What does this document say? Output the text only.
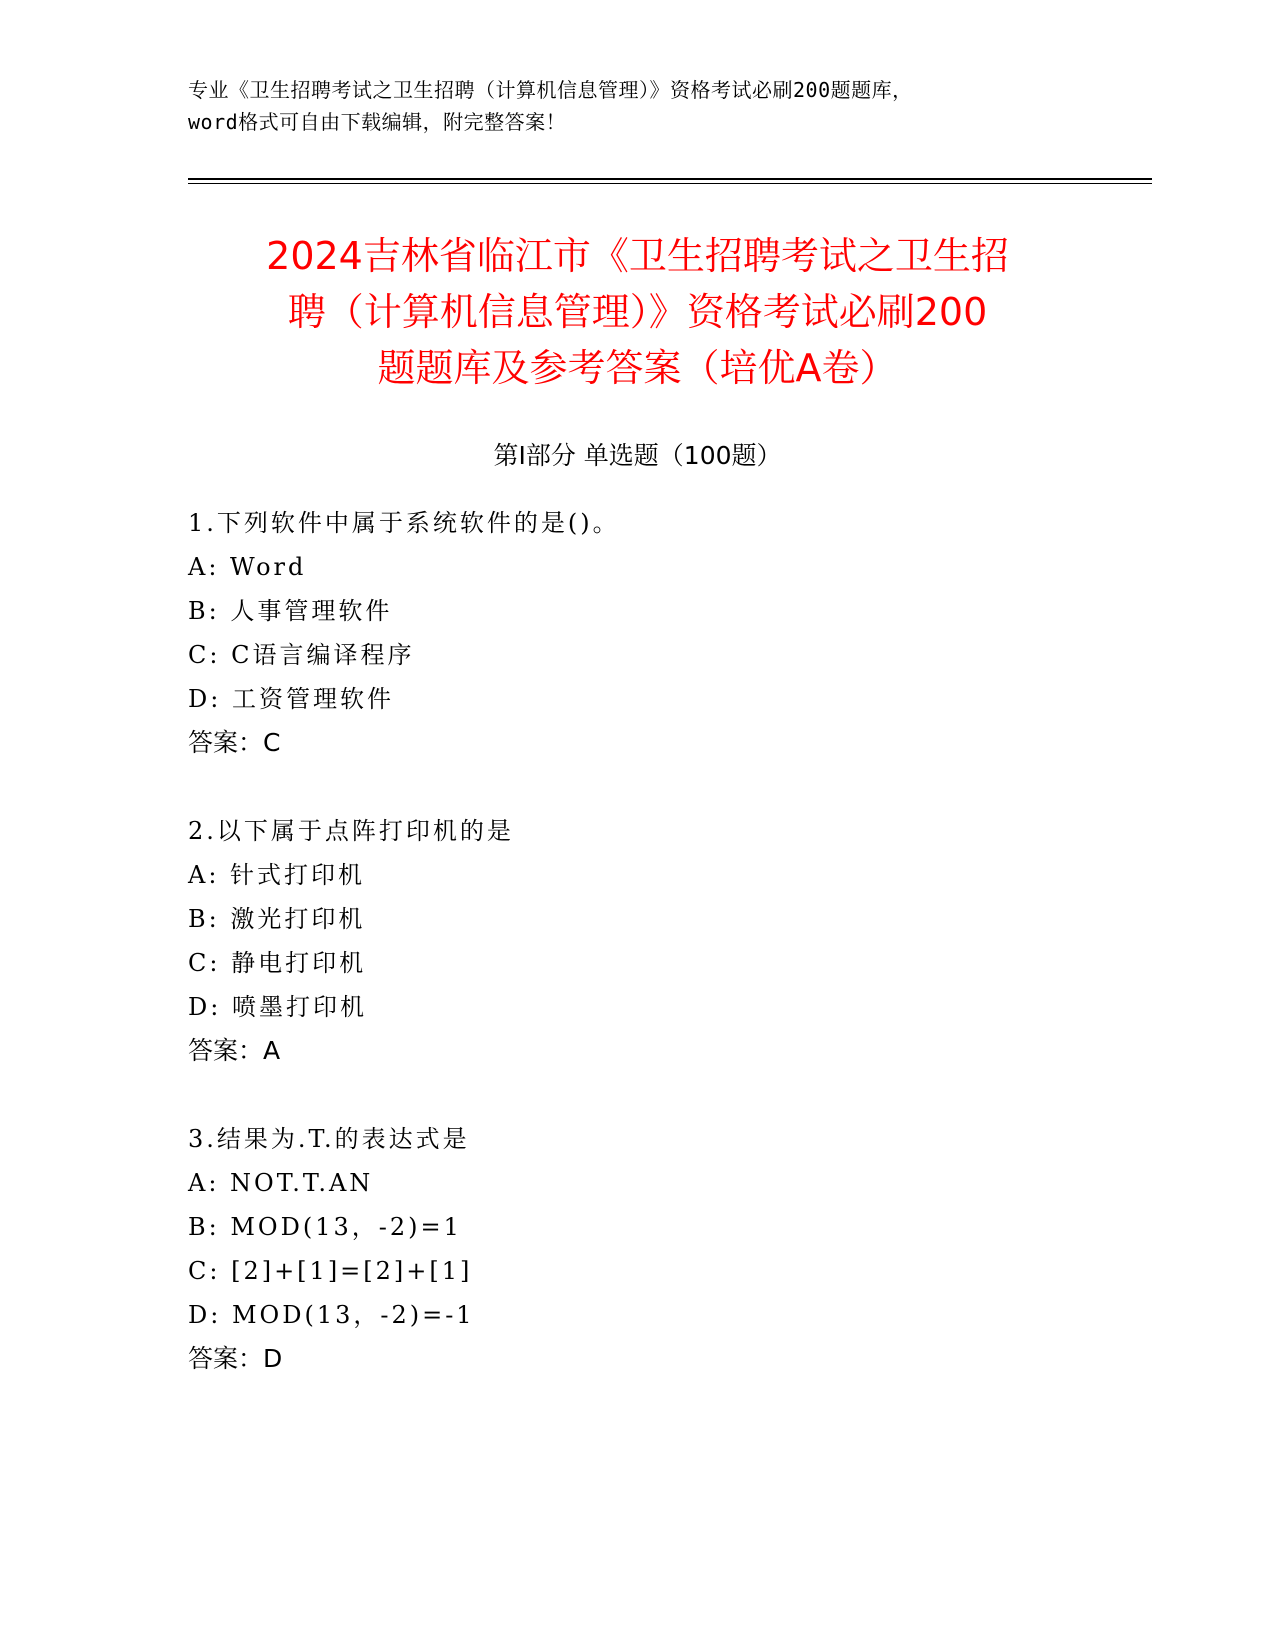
专业《卫生招聘考试之卫生招聘（计算机信息管理）》资格考试必刷200题题库，
word格式可自由下载编辑，附完整答案！
2024吉林省临江市《卫生招聘考试之卫生招
聘（计算机信息管理）》资格考试必刷200
题题库及参考答案（培优A卷）
第Ⅰ部分 单选题（100题）
1.下列软件中属于系统软件的是()。
A: Word
B: 人事管理软件
C: C语言编译程序
D: 工资管理软件
答案：C
2.以下属于点阵打印机的是
A: 针式打印机
B: 激光打印机
C: 静电打印机
D: 喷墨打印机
答案：A
3.结果为.T.的表达式是
A: NOT.T.AN
B: MOD(13，-2)=1
C: [2]+[1]=[2]+[1]
D: MOD(13，-2)=-1
答案：D
